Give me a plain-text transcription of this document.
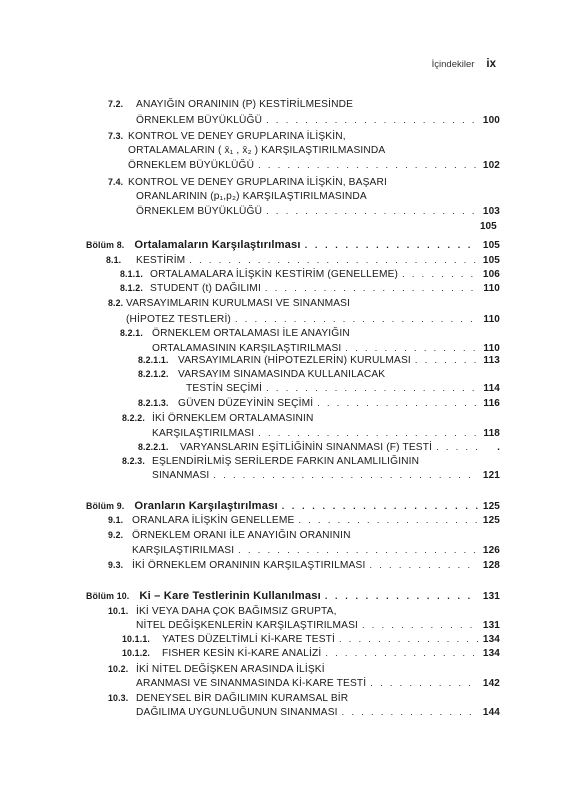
İçindekiler ix
7.2.	ANAYIĞIN ORANININ (P) KESTİRİLMESİNDE
ÖRNEKLEM BÜYÜKLÜĞÜ . . .	100
7.3. KONTROL VE DENEY GRUPLARINA İLİŞKİN,
ORTALAMALARIN ( x̄₁ , x̄₂ ) KARŞILAŞTIRILMASINDA
ÖRNEKLEM BÜYÜKLÜĞÜ . . .	102
7.4. KONTROL VE DENEY GRUPLARINA İLİŞKİN, BAŞARI
ORANLARININ (p₁,p₂) KARŞILAŞTIRILMASINDA
ÖRNEKLEM BÜYÜKLÜĞÜ . . .	103
Bölüm 8. Ortalamaların Karşılaştırılması . . .	105
8.1.	KESTİRİM . . .	105
8.1.1. ORTALAMALARA İLİŞKİN KESTİRİM (GENELLEME) . . .	106
8.1.2. STUDENT (t) DAĞILIMI . . .	110
8.2. VARSAYIMLARIN KURULMASI VE SINANMASI
(HİPOTEZ TESTLERİ) . . .	110
8.2.1. ÖRNEKLEM ORTALAMASI İLE ANAYIĞIN
ORTALAMASININ KARŞILAŞTIRILMASI . . .	110
8.2.1.1. VARSAYIMLARIN (HİPOTEZLERİN) KURULMASI . . .	113
8.2.1.2. VARSAYIM SINAMASINDA KULLANILACAK
TESTİN SEÇİMİ . . .	114
8.2.1.3. GÜVEN DÜZEYİNİN SEÇİMİ . . .	116
8.2.2. İKİ ÖRNEKLEM ORTALAMASININ
KARŞILAŞTIRILMASI . . .	118
8.2.2.1.	VARYANSLARIN EŞİTLİĞİNİN SINANMASI (F) TESTİ . . .	.
8.2.3. EŞLENDİRİLMİŞ SERİLERDE FARKIN ANLAMLILIĞININ
SINANMASI . . .	121
Bölüm 9. Oranların Karşılaştırılması . . .	125
9.1. ORANLARA İLİŞKİN GENELLEME . . .	125
9.2. ÖRNEKLEM ORANI İLE ANAYIĞIN ORANININ
KARŞILAŞTIRILMASI . . .	126
9.3. İKİ ÖRNEKLEM ORANININ KARŞILAŞTIRILMASI . . .	128
Bölüm 10. Ki – Kare Testlerinin Kullanılması . . .	131
10.1. İKİ VEYA DAHA ÇOK BAĞIMSIZ GRUPTA,
NİTEL DEĞİŞKENLERİN KARŞILAŞTIRILMASI . . .	131
10.1.1.	YATES DÜZELTİMLİ Kİ-KARE TESTİ . . .	134
10.1.2.	FISHER KESİN Kİ-KARE ANALİZİ . . .	134
10.2. İKİ NİTEL DEĞİŞKEN ARASINDA İLİŞKİ
ARANMASI VE SINANMASINDA Kİ-KARE TESTİ . . .	142
10.3. DENEYSEL BİR DAĞILIMIN KURAMSAL BİR
DAĞILIMA UYGUNLUĞUNUN SINANMASI . . .	144
105
